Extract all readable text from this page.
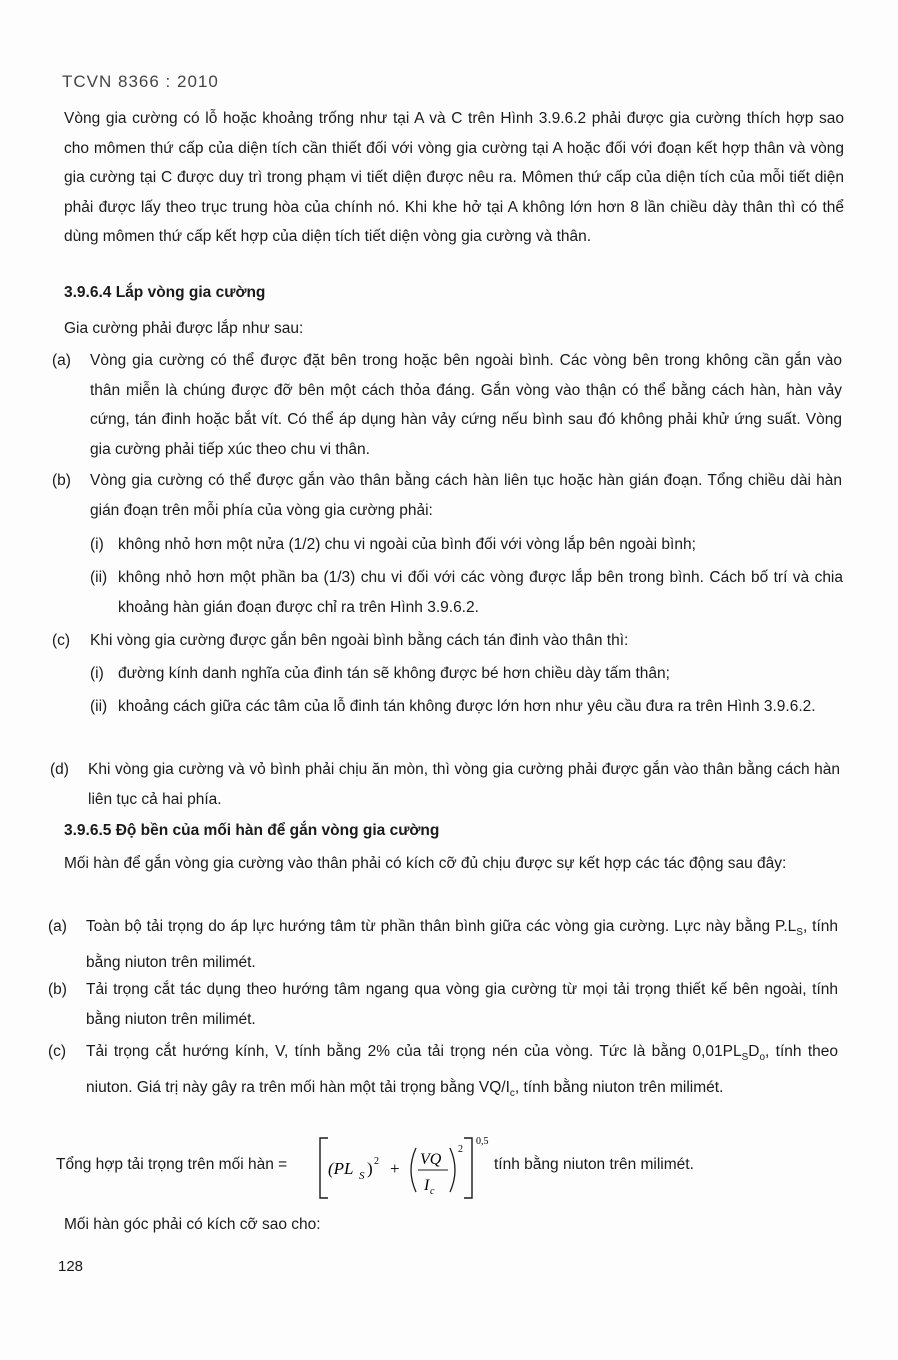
TCVN 8366 : 2010
Vòng gia cường có lỗ hoặc khoảng trống như tại A và C trên Hình 3.9.6.2 phải được gia cường thích hợp sao cho mômen thứ cấp của diện tích cần thiết đối với vòng gia cường tại A hoặc đối với đoạn kết hợp thân và vòng gia cường tại C được duy trì trong phạm vi tiết diện được nêu ra. Mômen thứ cấp của diện tích của mỗi tiết diện phải được lấy theo trục trung hòa của chính nó. Khi khe hở tại A không lớn hơn 8 lần chiều dày thân thì có thể dùng mômen thứ cấp kết hợp của diện tích tiết diện vòng gia cường và thân.
3.9.6.4 Lắp vòng gia cường
Gia cường phải được lắp như sau:
(a) Vòng gia cường có thể được đặt bên trong hoặc bên ngoài bình. Các vòng bên trong không cần gắn vào thân miễn là chúng được đỡ bên một cách thỏa đáng. Gắn vòng vào thận có thể bằng cách hàn, hàn vảy cứng, tán đinh hoặc bắt vít. Có thể áp dụng hàn vảy cứng nếu bình sau đó không phải khử ứng suất. Vòng gia cường phải tiếp xúc theo chu vi thân.
(b) Vòng gia cường có thể được gắn vào thân bằng cách hàn liên tục hoặc hàn gián đoạn. Tổng chiều dài hàn gián đoạn trên mỗi phía của vòng gia cường phải:
(i) không nhỏ hơn một nửa (1/2) chu vi ngoài của bình đối với vòng lắp bên ngoài bình;
(ii) không nhỏ hơn một phần ba (1/3) chu vi đối với các vòng được lắp bên trong bình. Cách bố trí và chia khoảng hàn gián đoạn được chỉ ra trên Hình 3.9.6.2.
(c) Khi vòng gia cường được gắn bên ngoài bình bằng cách tán đinh vào thân thì:
(i) đường kính danh nghĩa của đinh tán sẽ không được bé hơn chiều dày tấm thân;
(ii) khoảng cách giữa các tâm của lỗ đinh tán không được lớn hơn như yêu cầu đưa ra trên Hình 3.9.6.2.
(d) Khi vòng gia cường và vỏ bình phải chịu ăn mòn, thì vòng gia cường phải được gắn vào thân bằng cách hàn liên tục cả hai phía.
3.9.6.5 Độ bền của mối hàn để gắn vòng gia cường
Mối hàn để gắn vòng gia cường vào thân phải có kích cỡ đủ chịu được sự kết hợp các tác động sau đây:
(a) Toàn bộ tải trọng do áp lực hướng tâm từ phần thân bình giữa các vòng gia cường. Lực này bằng $P.L_S$, tính bằng niuton trên milimét.
(b) Tải trọng cắt tác dụng theo hướng tâm ngang qua vòng gia cường từ mọi tải trọng thiết kế bên ngoài, tính bằng niuton trên milimét.
(c) Tải trọng cắt hướng kính, V, tính bằng 2% của tải trọng nén của vòng. Tức là bằng $0,01PL_SD_o$, tính theo niuton. Giá trị này gây ra trên mối hàn một tải trọng bằng $VQ/I_c$, tính bằng niuton trên milimét.
Tổng hợp tải trọng trên mối hàn =
0,5
(PL S ) 2 + VQ
I c
2
tính bằng niuton trên milimét.
Mối hàn góc phải có kích cỡ sao cho:
128
